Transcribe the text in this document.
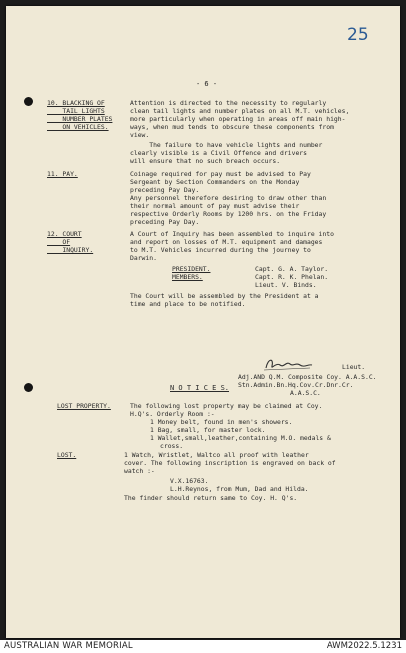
25
- 6 -
10. BLACKING OF
TAIL LIGHTS
NUMBER PLATES
ON VEHICLES.
Attention is directed to the necessity to regularly
clean tail lights and number plates on all M.T. vehicles,
more particularly when operating in areas off main high-
ways, when mud tends to obscure these components from
view.
The failure to have vehicle lights and number
clearly visible is a Civil Offence and drivers
will ensure that no such breach occurs.
11. PAY.	Coinage required for pay must be advised to Pay
Sergeant by Section Commanders on the Monday
preceding Pay Day.
Any personnel therefore desiring to draw other than
their normal amount of pay must advise their
respective Orderly Rooms by 1200 hrs. on the Friday
preceding Pay Day.
12. COURT
OF
INQUIRY.
A Court of Inquiry has been assembled to inquire into
and report on losses of M.T. equipment and damages
to M.T. Vehicles incurred during the journey to
Darwin.
PRESIDENT.
MEMBERS.
Capt. G. A. Taylor.
Capt. R. K. Phelan.
Lieut. V. Binds.
The Court will be assembled by the President at a
time and place to be notified.
Lieut.
Adj.AND Q.M. Composite Coy. A.A.S.C.
Stn.Admin.Bn.Hq.Cov.Cr.Dnr.Cr.
A.A.S.C.
N O T I C E S.
LOST PROPERTY.	The following lost property may be claimed at Coy.
H.Q's. Orderly Room :-
1 Money belt, found in men's showers.
1 Bag, small, for master lock.
1 Wallet,small,leather,containing M.O. medals &
cross.
LOST.	1 Watch, Wristlet, Waltco all proof with leather
cover. The following inscription is engraved on back of
watch :-
V.X.16763.
L.H.Reynos, from Mum, Dad and Hilda.
The finder should return same to Coy. H. Q's.
AUSTRALIAN WAR MEMORIAL	AWM2022.5.1231
